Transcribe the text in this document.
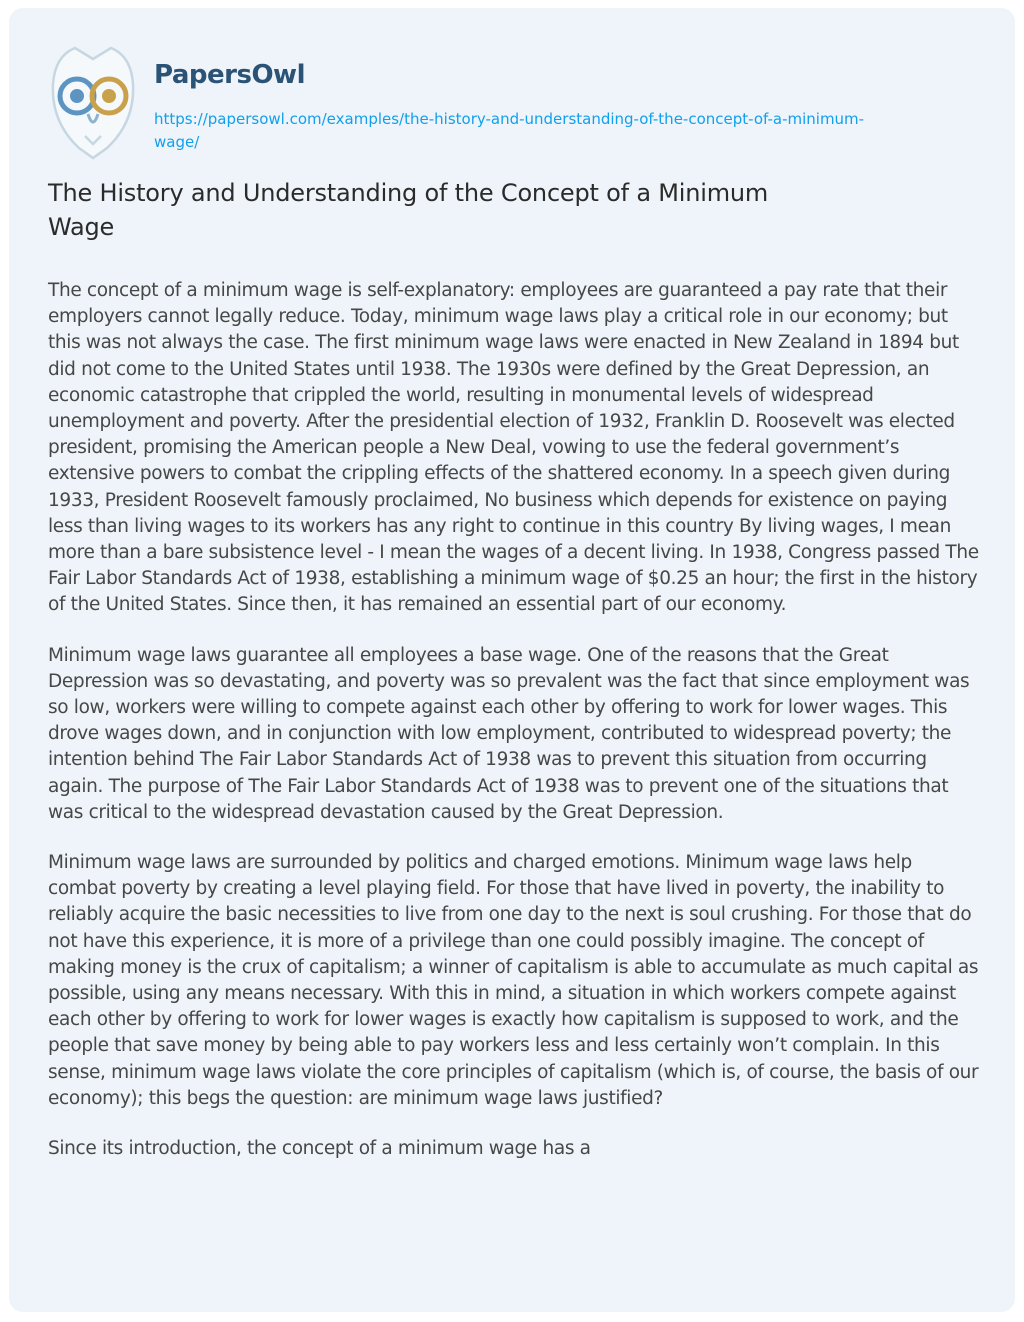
PapersOwl
https://papersowl.com/examples/the-history-and-understanding-of-the-concept-of-a-minimum-wage/
The History and Understanding of the Concept of a Minimum Wage

The concept of a minimum wage is self-explanatory: employees are guaranteed a pay rate that their employers cannot legally reduce. Today, minimum wage laws play a critical role in our economy; but this was not always the case. The first minimum wage laws were enacted in New Zealand in 1894 but did not come to the United States until 1938. The 1930s were defined by the Great Depression, an economic catastrophe that crippled the world, resulting in monumental levels of widespread unemployment and poverty. After the presidential election of 1932, Franklin D. Roosevelt was elected president, promising the American people a New Deal, vowing to use the federal government’s extensive powers to combat the crippling effects of the shattered economy. In a speech given during 1933, President Roosevelt famously proclaimed, No business which depends for existence on paying less than living wages to its workers has any right to continue in this country By living wages, I mean more than a bare subsistence level - I mean the wages of a decent living. In 1938, Congress passed The Fair Labor Standards Act of 1938, establishing a minimum wage of $0.25 an hour; the first in the history of the United States. Since then, it has remained an essential part of our economy.

Minimum wage laws guarantee all employees a base wage. One of the reasons that the Great Depression was so devastating, and poverty was so prevalent was the fact that since employment was so low, workers were willing to compete against each other by offering to work for lower wages. This drove wages down, and in conjunction with low employment, contributed to widespread poverty; the intention behind The Fair Labor Standards Act of 1938 was to prevent this situation from occurring again. The purpose of The Fair Labor Standards Act of 1938 was to prevent one of the situations that was critical to the widespread devastation caused by the Great Depression.

Minimum wage laws are surrounded by politics and charged emotions. Minimum wage laws help combat poverty by creating a level playing field. For those that have lived in poverty, the inability to reliably acquire the basic necessities to live from one day to the next is soul crushing. For those that do not have this experience, it is more of a privilege than one could possibly imagine. The concept of making money is the crux of capitalism; a winner of capitalism is able to accumulate as much capital as possible, using any means necessary. With this in mind, a situation in which workers compete against each other by offering to work for lower wages is exactly how capitalism is supposed to work, and the people that save money by being able to pay workers less and less certainly won’t complain. In this sense, minimum wage laws violate the core principles of capitalism (which is, of course, the basis of our economy); this begs the question: are minimum wage laws justified?

Since its introduction, the concept of a minimum wage has a
